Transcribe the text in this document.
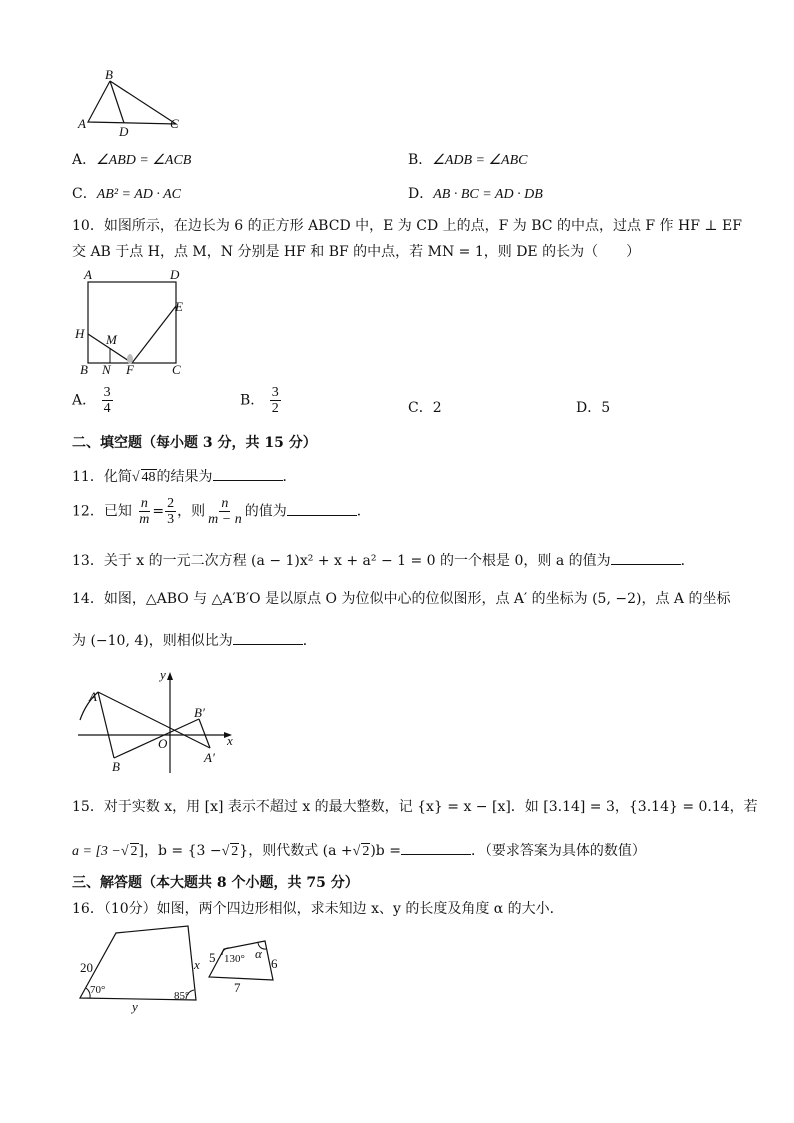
B
A
D
C
A．∠ABD = ∠ACB	B．∠ADB = ∠ABC
C．AB² = AD · AC	D．AB · BC = AD · DB
10．如图所示，在边长为 6 的正方形 ABCD 中，E 为 CD 上的点，F 为 BC 的中点，过点 F 作 HF ⊥ EF
交 AB 于点 H，点 M，N 分别是 HF 和 BF 的中点，若 MN = 1，则 DE 的长为（　　）
A	D
E
H M
B N F	C
A． $\frac{3}{4}$	B． $\frac{3}{2}$	C．2	D．5
二、填空题（每小题 3 分，共 15 分）
11．化简√ 48的结果为	．
12．已知 $\frac{n}{m} = \frac{2}{3}$ ，则 $\frac{n}{m - n}$ 的值为	．
13．关于 x 的一元二次方程 (a − 1)x² + x + a² − 1 = 0 的一个根是 0，则 a 的值为	．
14．如图，△ABO 与 △A′B′O 是以原点 O 为位似中心的位似图形，点 A′ 的坐标为 (5, −2)，点 A 的坐标
为 (−10, 4)，则相似比为	．
y
A
B′
O	x
B
A′
15．对于实数 x，用 [x] 表示不超过 x 的最大整数，记 {x} = x − [x]．如 [3.14] = 3，{3.14} = 0.14，若
a = [3 −√ 2]，b = {3 −√ 2}，则代数式 (a +√ 2)b =	．（要求答案为具体的数值）
三、解答题（本大题共 8 个小题，共 75 分）
16．（10分）如图，两个四边形相似，求未知边 x、y 的长度及角度 α 的大小．
20
70°
x
85°
y
5 130° α
6
7
